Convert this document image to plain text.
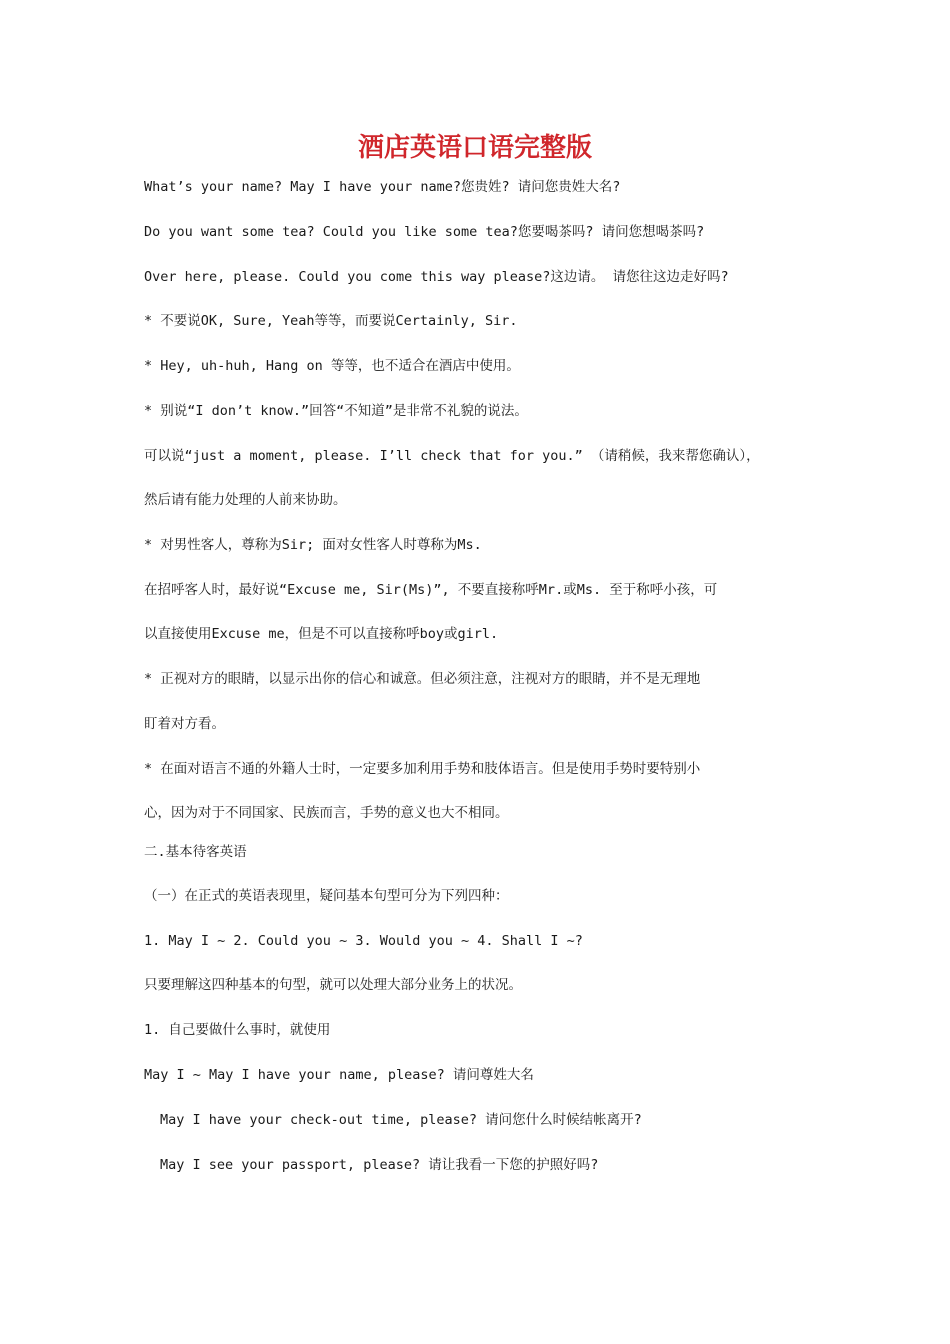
酒店英语口语完整版

What’s your name? May I have your name?您贵姓? 请问您贵姓大名?

Do you want some tea? Could you like some tea?您要喝茶吗? 请问您想喝茶吗?

Over here, please. Could you come this way please?这边请。 请您往这边走好吗?

* 不要说OK, Sure, Yeah等等，而要说Certainly, Sir.

* Hey, uh-huh, Hang on 等等，也不适合在酒店中使用。

* 别说“I don’t know.”回答“不知道”是非常不礼貌的说法。

可以说“just a moment, please. I’ll check that for you.” （请稍候，我来帮您确认），

然后请有能力处理的人前来协助。

* 对男性客人，尊称为Sir; 面对女性客人时尊称为Ms.

在招呼客人时，最好说“Excuse me, Sir(Ms)”, 不要直接称呼Mr.或Ms. 至于称呼小孩，可

以直接使用Excuse me，但是不可以直接称呼boy或girl.

* 正视对方的眼睛，以显示出你的信心和诚意。但必须注意，注视对方的眼睛，并不是无理地

盯着对方看。

* 在面对语言不通的外籍人士时，一定要多加利用手势和肢体语言。但是使用手势时要特别小

心，因为对于不同国家、民族而言，手势的意义也大不相同。

二.基本待客英语

（一）在正式的英语表现里，疑问基本句型可分为下列四种：

1. May I ~ 2. Could you ~ 3. Would you ~ 4. Shall I ~?

只要理解这四种基本的句型，就可以处理大部分业务上的状况。

1. 自己要做什么事时，就使用

May I ~ May I have your name, please? 请问尊姓大名

May I have your check-out time, please? 请问您什么时候结帐离开?

May I see your passport, please? 请让我看一下您的护照好吗?
